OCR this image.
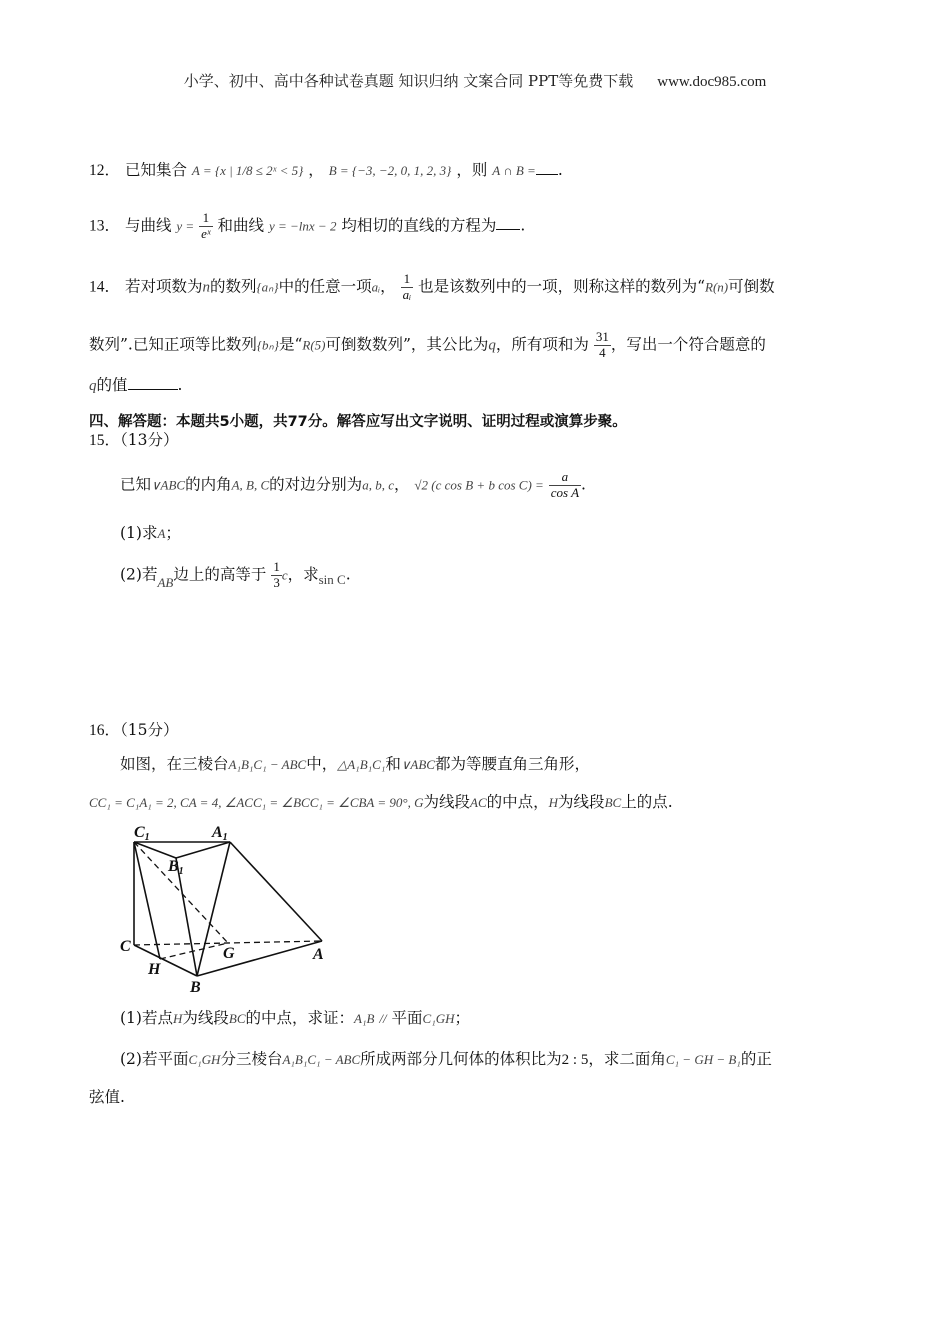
小学、初中、高中各种试卷真题 知识归纳 文案合同 PPT等免费下载 www.doc985.com
12． 已知集合 A = {x | 1/8 ≤ 2ˣ < 5} ， B = {−3, −2, 0, 1, 2, 3} ，则 A ∩ B = .
13． 与曲线 $y = \frac{1}{\text{eˣ}}$ 和曲线 y = −lnx − 2 均相切的直线的方程为 .
14． 若对项数为n的数列{aₙ}中的任意一项aᵢ， $\frac{1}{\text{aᵢ}}$ 也是该数列中的一项，则称这样的数列为“R(n)可倒数
数列”.已知正项等比数列{bₙ}是“R(5)可倒数数列”，其公比为q，所有项和为 $\frac{31}{4}$ ，写出一个符合题意的
q的值	.
四、解答题：本题共5小题，共77分。解答应写出文字说明、证明过程或演算步聚。
15．（13分）
已知∨ABC的内角A, B, C的对边分别为a, b, c， √2 (c cos B + b $\cos C) = \frac{a}{\text{cos A}}$ .
(1)求A；
(2)若$_{AB}$边上的高等于 $\frac{1}{3}$ c，求$_{sin C}$.
16．（15分）
如图，在三棱台A₁B₁C₁ − ABC中，△A₁B₁C₁和∨ABC都为等腰直角三角形，
CC₁ = C₁A₁ = 2, CA = 4, ∠ACC₁ = ∠BCC₁ = ∠CBA = 90°, G为线段AC的中点，H为线段BC上的点.
C1	A1
B1
C
H
G	A
B
(1)若点H为线段BC的中点，求证：A₁B // 平面C₁GH；
(2)若平面C₁GH分三棱台A₁B₁C₁ − ABC所成两部分几何体的体积比为2 : 5，求二面角C₁ − GH − B₁的正
弦值.
